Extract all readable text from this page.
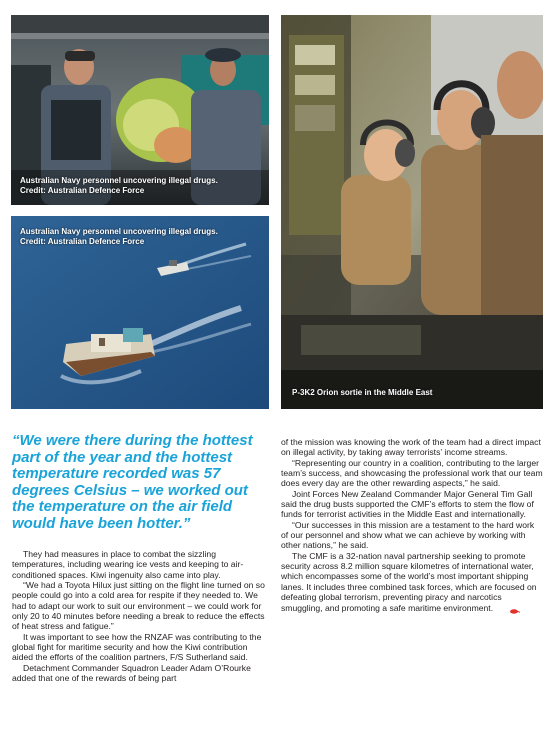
Australian Navy personnel uncovering illegal drugs.
Credit: Australian Defence Force
Australian Navy personnel uncovering illegal drugs.
Credit: Australian Defence Force
P-3K2 Orion sortie in the Middle East

“We were there during the hottest part of the year and the hottest temperature recorded was 57 degrees Celsius – we worked out the temperature on the air field would have been hotter.”

They had measures in place to combat the sizzling temperatures, including wearing ice vests and keeping to air-conditioned spaces. Kiwi ingenuity also came into play.

“We had a Toyota Hilux just sitting on the flight line turned on so people could go into a cold area for respite if they needed to. We had to adapt our work to suit our environment – we could work for only 20 to 40 minutes before needing a break to reduce the effects of heat stress and fatigue.”

It was important to see how the RNZAF was contributing to the global fight for maritime security and how the Kiwi contribution aided the efforts of the coalition partners, F/S Sutherland said.

Detachment Commander Squadron Leader Adam O’Rourke added that one of the rewards of being part

of the mission was knowing the work of the team had a direct impact on illegal activity, by taking away terrorists’ income streams.

“Representing our country in a coalition, contributing to the larger team’s success, and showcasing the professional work that our team does every day are the other rewarding aspects,” he said.

Joint Forces New Zealand Commander Major General Tim Gall said the drug busts supported the CMF’s efforts to stem the flow of funds for terrorist activities in the Middle East and internationally.

“Our successes in this mission are a testament to the hard work of our personnel and show what we can achieve by working with other nations,” he said.

The CMF is a 32-nation naval partnership seeking to promote security across 8.2 million square kilometres of international water, which encompasses some of the world’s most important shipping lanes. It includes three combined task forces, which are focused on defeating global terrorism, preventing piracy and narcotics smuggling, and promoting a safe maritime environment.
